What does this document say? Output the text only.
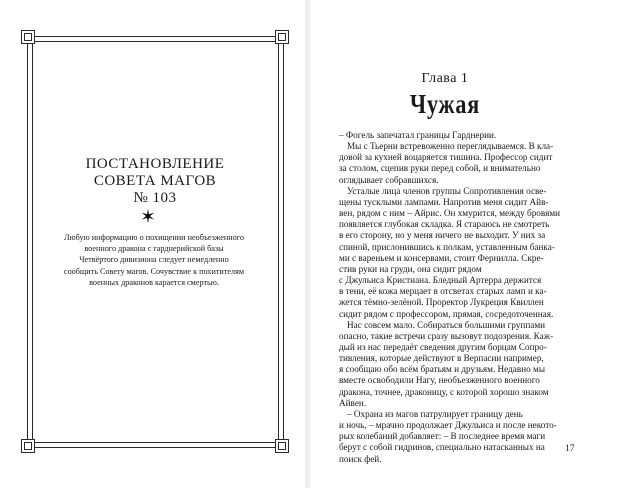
ПОСТАНОВЛЕНИЕ
СОВЕТА МАГОВ
№ 103
✶
Любую информацию о похищении необъезженного
военного дракона с гарднерийской базы
Четвёртого дивизиона следует немедленно
сообщить Совету магов. Сочувствие к похитителям
военных драконов карается смертью.
Глава 1
Чужая
– Фогель запечатал границы Гарднерии.
Мы с Тьерни встревоженно переглядываемся. В кла-
довой за кухней воцаряется тишина. Профессор сидит
за столом, сцепив руки перед собой, и внимательно
оглядывает собравшихся.
Усталые лица членов группы Сопротивления осве-
щены тусклыми лампами. Напротив меня сидит Айв-
вен, рядом с ним – Айрис. Он хмурится, между бровями
появляется глубокая складка. Я стараюсь не смотреть
в его сторону, но у меня ничего не выходит. У них за
спиной, прислонившись к полкам, уставленным банка-
ми с вареньем и консервами, стоит Фернилла. Скре-
стив руки на груди, она сидит рядом
с Джульиса Кристиана. Бледный Артерра держится
в тени, её кожа мерцает в отсветах старых ламп и ка-
жется тёмно-зелёной. Проректор Лукреция Квиллен
сидит рядом с профессором, прямая, сосредоточенная.
Нас совсем мало. Собираться большими группами
опасно, такие встречи сразу вызовут подозрения. Каж-
дый из нас передаёт сведения другим борцам Сопро-
тивления, которые действуют в Верпасии например,
я сообщаю обо всём братьям и друзьям. Недавно мы
вместе освободили Нагу, необъезженного военного
дракона, точнее, драконицу, с которой хорошо знаком
Айвен.
– Охрана из магов патрулирует границу день
и ночь, – мрачно продолжает Джульиса и после некото-
рых колебаний добавляет: – В последнее время маги
берут с собой гидринов, специально натасканных на
поиск фей.
17
